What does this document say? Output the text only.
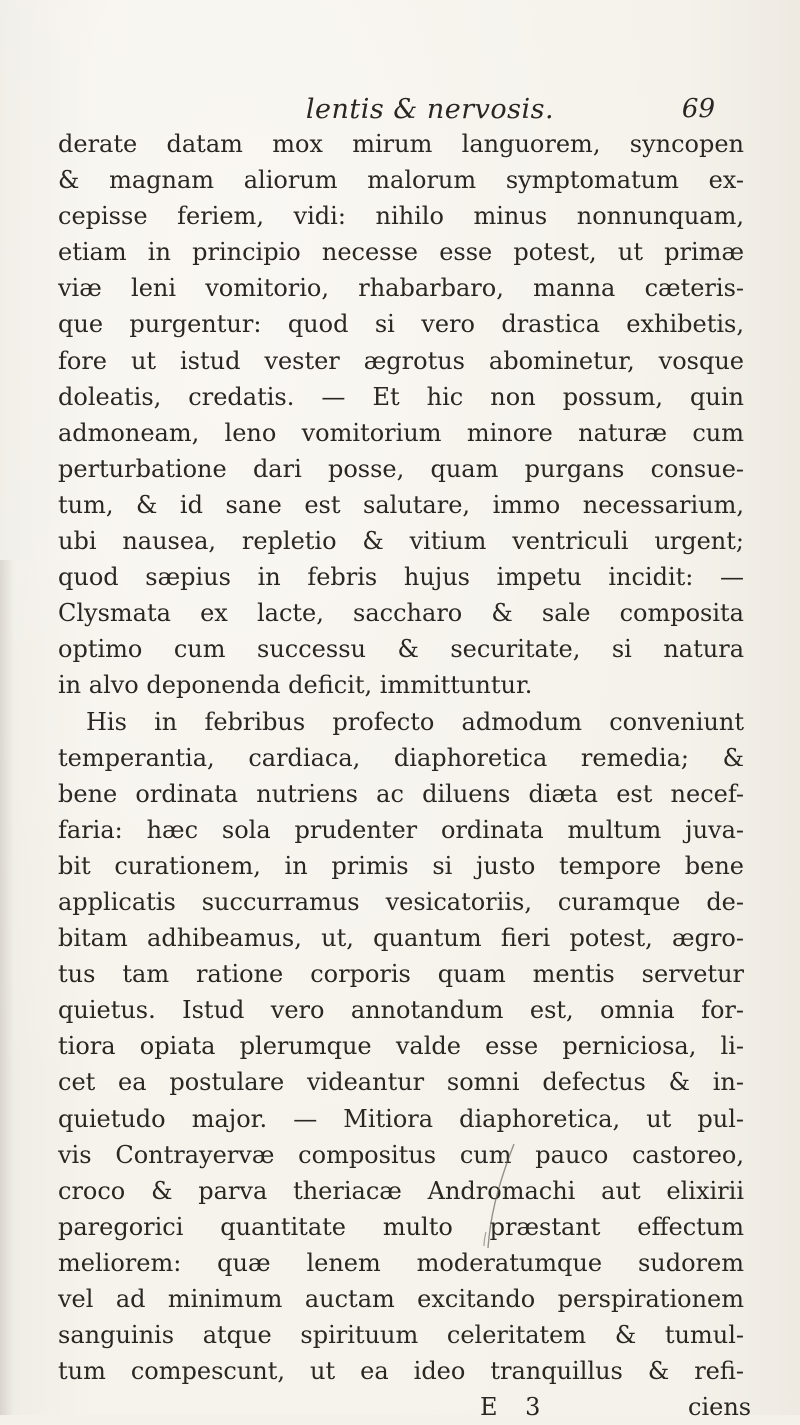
lentis & nervosis.	69
derate datam mox mirum languorem, syncopen
& magnam aliorum malorum symptomatum ex-
cepisse feriem, vidi: nihilo minus nonnunquam,
etiam in principio necesse esse potest, ut primæ
viæ leni vomitorio, rhabarbaro, manna cæteris-
que purgentur: quod si vero drastica exhibetis,
fore ut istud vester ægrotus abominetur, vosque
doleatis, credatis. — Et hic non possum, quin
admoneam, leno vomitorium minore naturæ cum
perturbatione dari posse, quam purgans consue-
tum, & id sane est salutare, immo necessarium,
ubi nausea, repletio & vitium ventriculi urgent;
quod sæpius in febris hujus impetu incidit: —
Clysmata ex lacte, saccharo & sale composita
optimo cum successu & securitate, si natura
in alvo deponenda deficit, immittuntur.
His in febribus profecto admodum conveniunt
temperantia, cardiaca, diaphoretica remedia; &
bene ordinata nutriens ac diluens diæta est necef-
faria: hæc sola prudenter ordinata multum juva-
bit curationem, in primis si justo tempore bene
applicatis succurramus vesicatoriis, curamque de-
bitam adhibeamus, ut, quantum fieri potest, ægro-
tus tam ratione corporis quam mentis servetur
quietus. Istud vero annotandum est, omnia for-
tiora opiata plerumque valde esse perniciosa, li-
cet ea postulare videantur somni defectus & in-
quietudo major. — Mitiora diaphoretica, ut pul-
vis Contrayervæ compositus cum pauco castoreo,
croco & parva theriacæ Andromachi aut elixirii
paregorici quantitate multo præstant effectum
meliorem: quæ lenem moderatumque sudorem
vel ad minimum auctam excitando perspirationem
sanguinis atque spirituum celeritatem & tumul-
tum compescunt, ut ea ideo tranquillus & refi-
E 3	ciens
